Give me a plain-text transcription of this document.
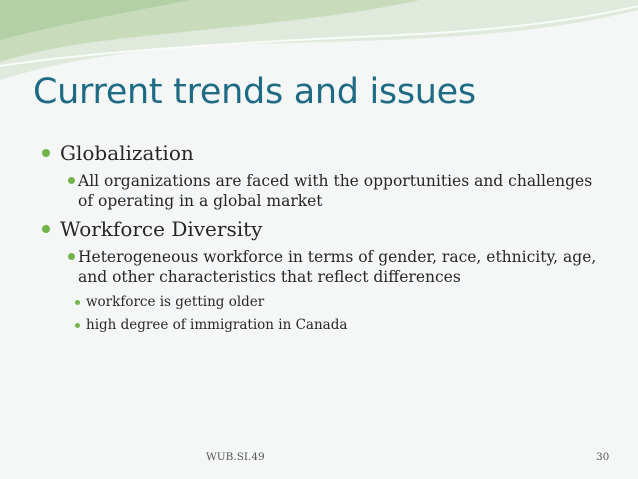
Current trends and issues
Globalization
All organizations are faced with the opportunities and challenges of operating in a global market
Workforce Diversity
Heterogeneous workforce in terms of gender, race, ethnicity, age, and other characteristics that reflect differences
workforce is getting older
high degree of immigration in Canada
WUB.SI.49	30
